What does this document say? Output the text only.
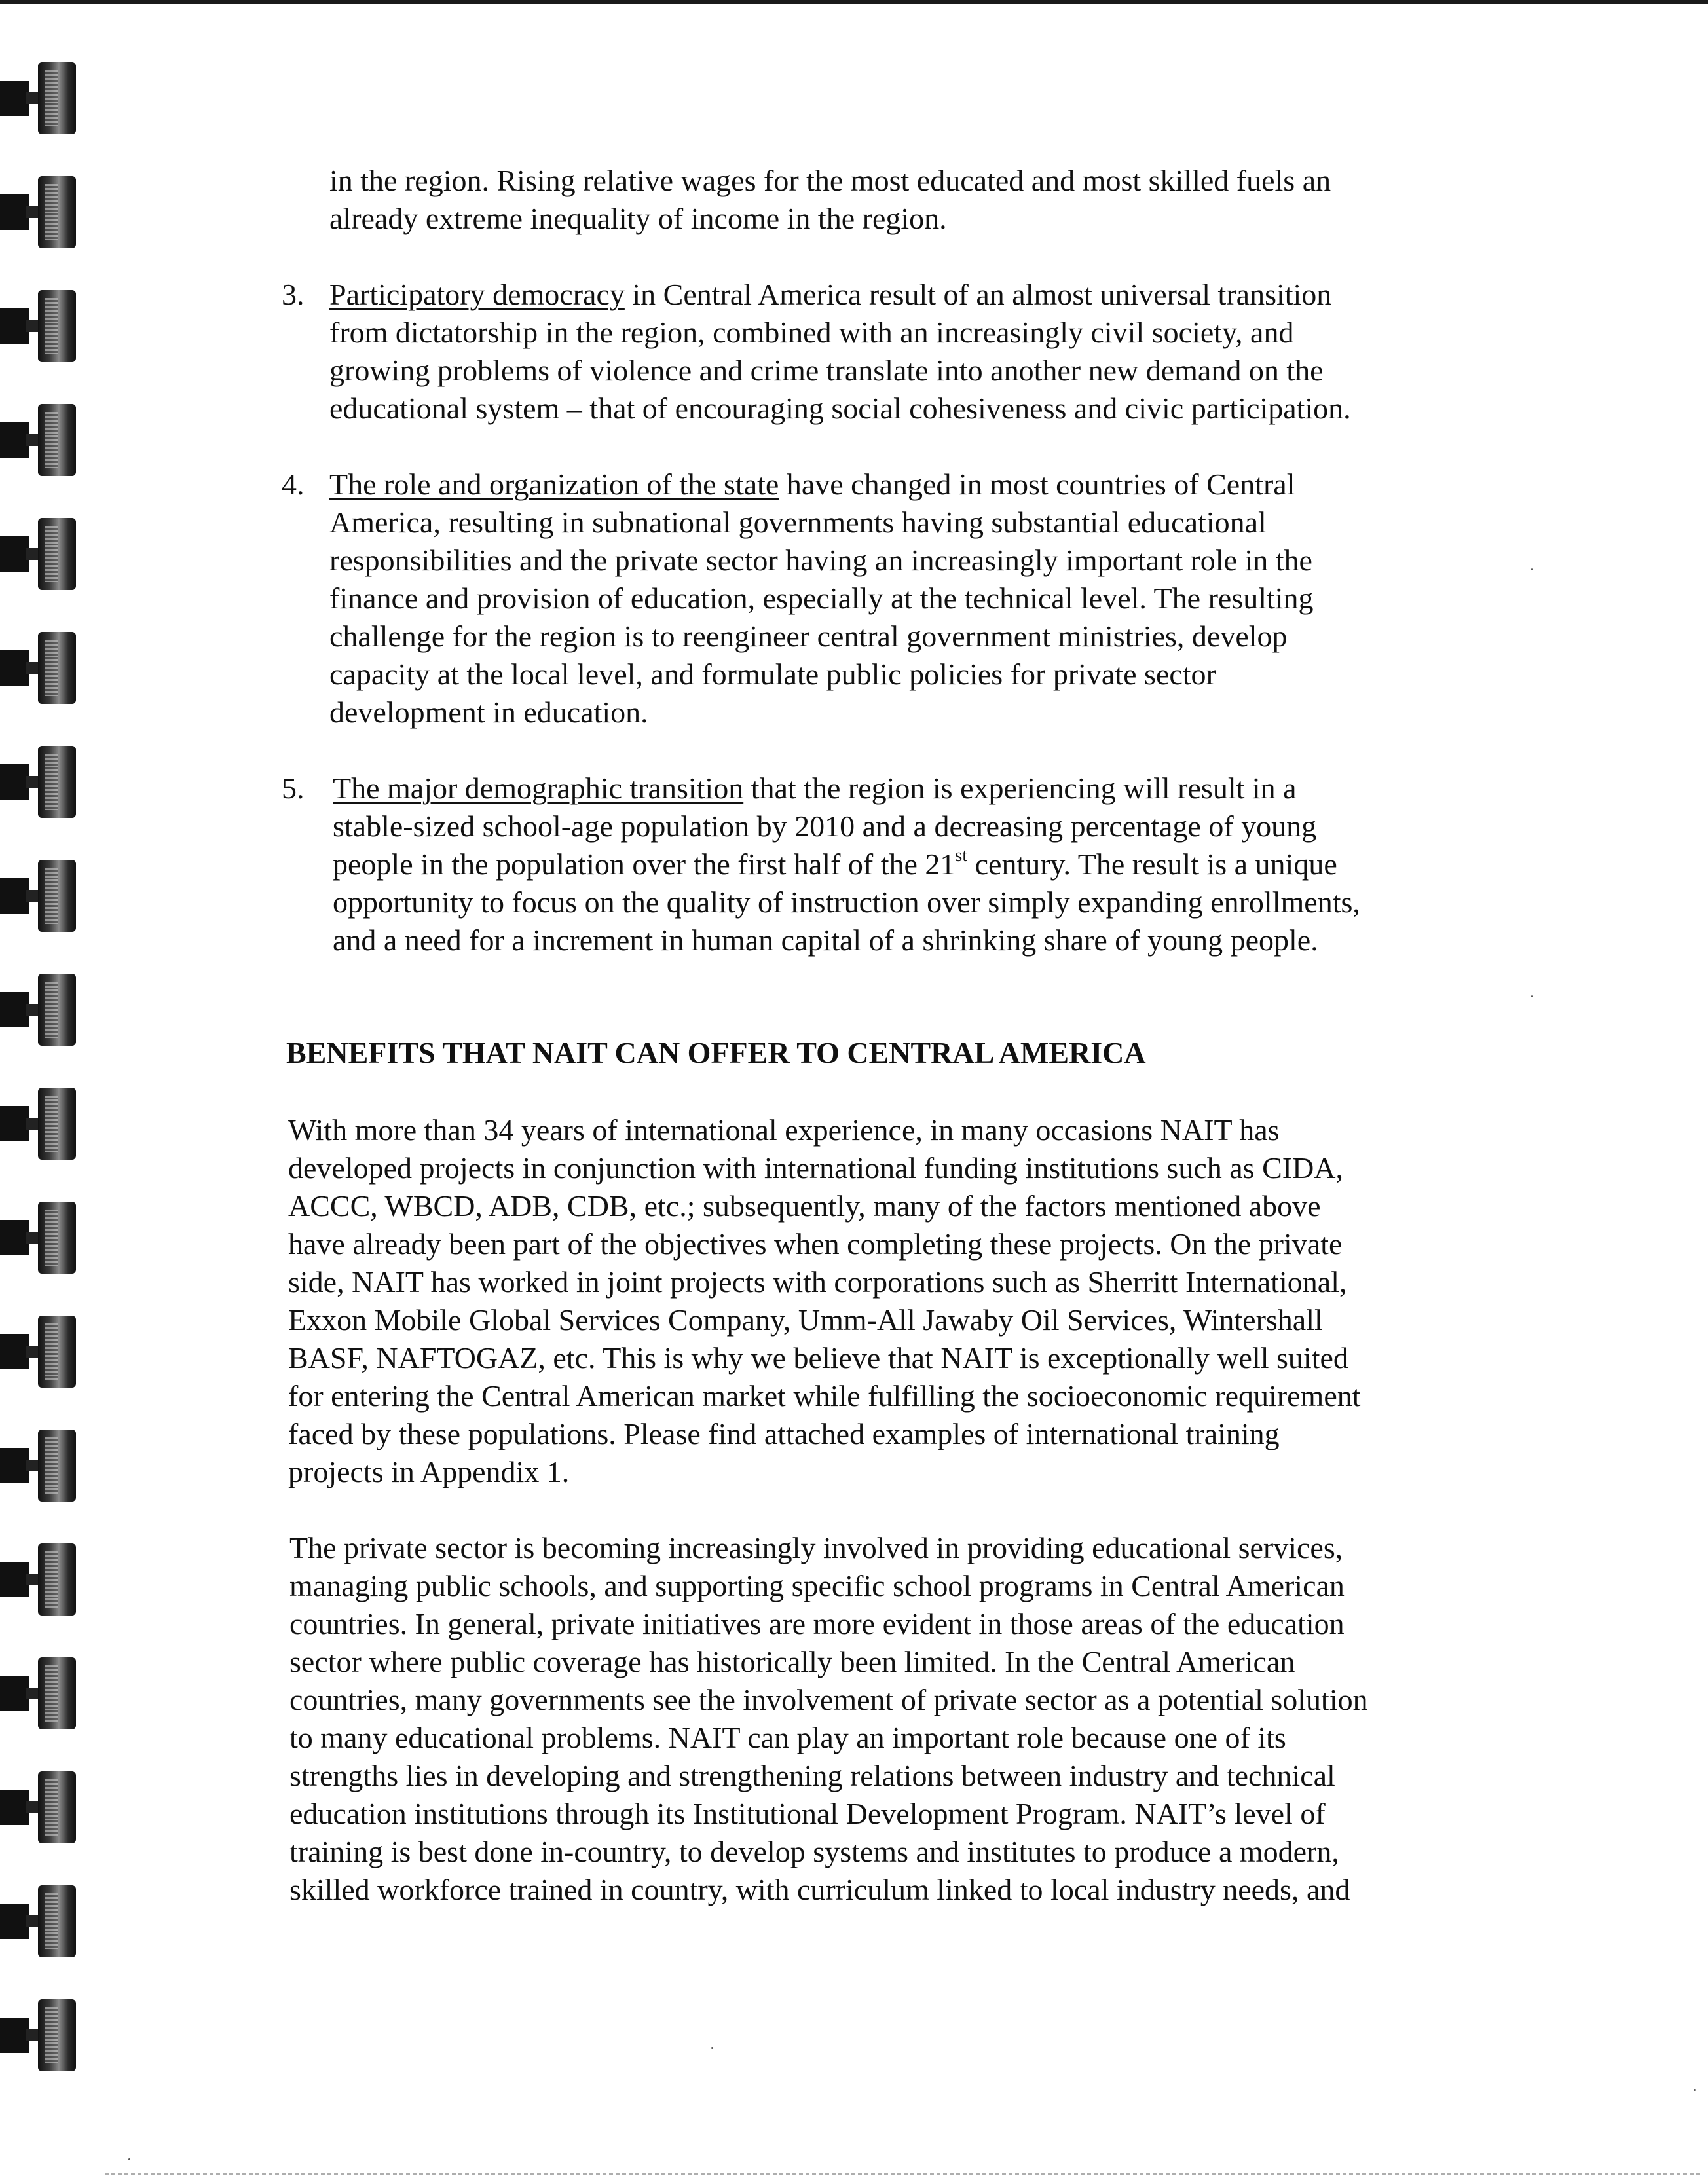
in the region. Rising relative wages for the most educated and most skilled fuels an
already extreme inequality of income in the region.

3. Participatory democracy in Central America result of an almost universal transition
from dictatorship in the region, combined with an increasingly civil society, and
growing problems of violence and crime translate into another new demand on the
educational system – that of encouraging social cohesiveness and civic participation.
4. The role and organization of the state have changed in most countries of Central
America, resulting in subnational governments having substantial educational
responsibilities and the private sector having an increasingly important role in the
finance and provision of education, especially at the technical level. The resulting
challenge for the region is to reengineer central government ministries, develop
capacity at the local level, and formulate public policies for private sector
development in education.
5. The major demographic transition that the region is experiencing will result in a
stable-sized school-age population by 2010 and a decreasing percentage of young
people in the population over the first half of the 21st century. The result is a unique
opportunity to focus on the quality of instruction over simply expanding enrollments,
and a need for a increment in human capital of a shrinking share of young people.
BENEFITS THAT NAIT CAN OFFER TO CENTRAL AMERICA

With more than 34 years of international experience, in many occasions NAIT has
developed projects in conjunction with international funding institutions such as CIDA,
ACCC, WBCD, ADB, CDB, etc.; subsequently, many of the factors mentioned above
have already been part of the objectives when completing these projects. On the private
side, NAIT has worked in joint projects with corporations such as Sherritt International,
Exxon Mobile Global Services Company, Umm-All Jawaby Oil Services, Wintershall
BASF, NAFTOGAZ, etc. This is why we believe that NAIT is exceptionally well suited
for entering the Central American market while fulfilling the socioeconomic requirement
faced by these populations. Please find attached examples of international training
projects in Appendix 1.

The private sector is becoming increasingly involved in providing educational services,
managing public schools, and supporting specific school programs in Central American
countries. In general, private initiatives are more evident in those areas of the education
sector where public coverage has historically been limited. In the Central American
countries, many governments see the involvement of private sector as a potential solution
to many educational problems. NAIT can play an important role because one of its
strengths lies in developing and strengthening relations between industry and technical
education institutions through its Institutional Development Program. NAIT’s level of
training is best done in-country, to develop systems and institutes to produce a modern,
skilled workforce trained in country, with curriculum linked to local industry needs, and
